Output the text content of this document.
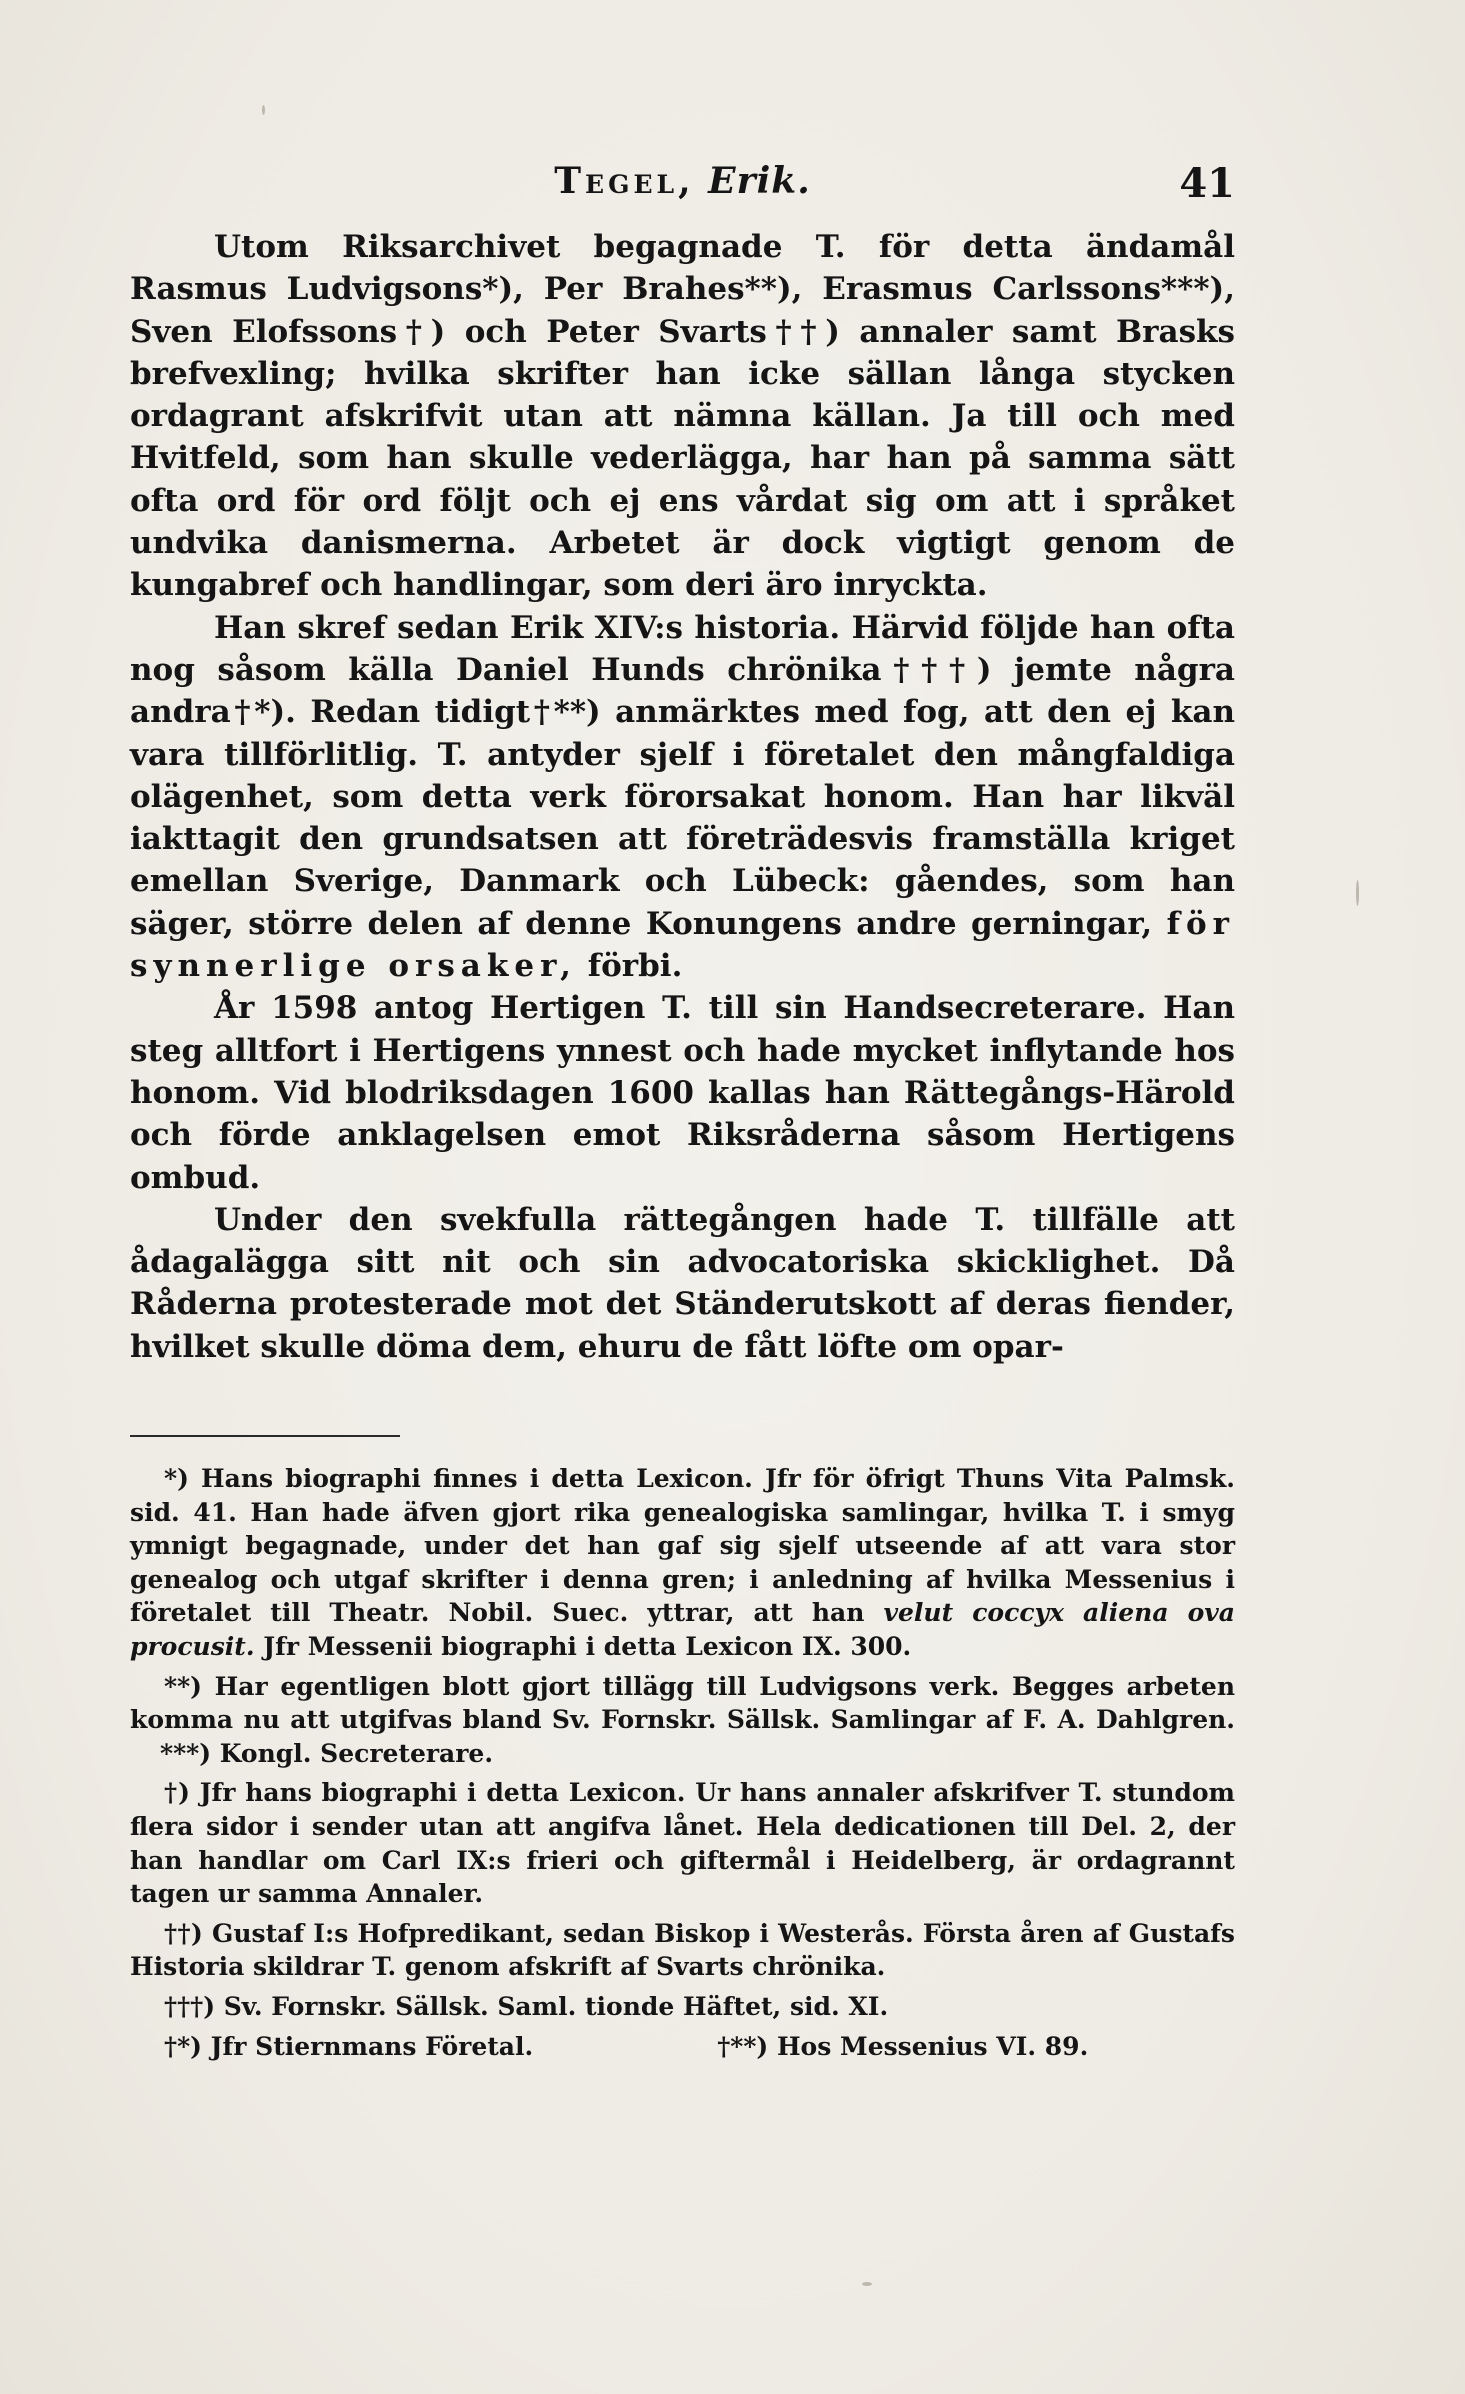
Tegel, Erik.	41

Utom Riksarchivet begagnade T. för detta ändamål Rasmus Ludvigsons*), Per Brahes**), Erasmus Carlssons***), Sven Elofssons†) och Peter Svarts††) annaler samt Brasks brefvexling; hvilka skrifter han icke sällan långa stycken ordagrant afskrifvit utan att nämna källan. Ja till och med Hvitfeld, som han skulle vederlägga, har han på samma sätt ofta ord för ord följt och ej ens vårdat sig om att i språket undvika danismerna. Arbetet är dock vigtigt genom de kungabref och handlingar, som deri äro inryckta.

Han skref sedan Erik XIV:s historia. Härvid följde han ofta nog såsom källa Daniel Hunds chrönika†††) jemte några andra†*). Redan tidigt†**) anmärktes med fog, att den ej kan vara tillförlitlig. T. antyder sjelf i företalet den mångfaldiga olägenhet, som detta verk förorsakat honom. Han har likväl iakttagit den grundsatsen att företrädesvis framställa kriget emellan Sverige, Danmark och Lübeck: gåendes, som han säger, större delen af denne Konungens andre gerningar, för synnerlige orsaker, förbi.

År 1598 antog Hertigen T. till sin Handsecreterare. Han steg alltfort i Hertigens ynnest och hade mycket inflytande hos honom. Vid blodriksdagen 1600 kallas han Rättegångs-Härold och förde anklagelsen emot Riksråderna såsom Hertigens ombud.

Under den svekfulla rättegången hade T. tillfälle att ådagalägga sitt nit och sin advocatoriska skicklighet. Då Råderna protesterade mot det Ständerutskott af deras fiender, hvilket skulle döma dem, ehuru de fått löfte om opar-

*) Hans biographi finnes i detta Lexicon. Jfr för öfrigt Thuns Vita Palmsk. sid. 41. Han hade äfven gjort rika genealogiska samlingar, hvilka T. i smyg ymnigt begagnade, under det han gaf sig sjelf utseende af att vara stor genealog och utgaf skrifter i denna gren; i anledning af hvilka Messenius i företalet till Theatr. Nobil. Suec. yttrar, att han velut coccyx aliena ova procusit. Jfr Messenii biographi i detta Lexicon IX. 300.

**) Har egentligen blott gjort tillägg till Ludvigsons verk. Begges arbeten komma nu att utgifvas bland Sv. Fornskr. Sällsk. Samlingar af F. A. Dahlgren. ***) Kongl. Secreterare.

†) Jfr hans biographi i detta Lexicon. Ur hans annaler afskrifver T. stundom flera sidor i sender utan att angifva lånet. Hela dedicationen till Del. 2, der han handlar om Carl IX:s frieri och giftermål i Heidelberg, är ordagrannt tagen ur samma Annaler.

††) Gustaf I:s Hofpredikant, sedan Biskop i Westerås. Första åren af Gustafs Historia skildrar T. genom afskrift af Svarts chrönika.

†††) Sv. Fornskr. Sällsk. Saml. tionde Häftet, sid. XI.

†*) Jfr Stiernmans Företal.	†**) Hos Messenius VI. 89.
